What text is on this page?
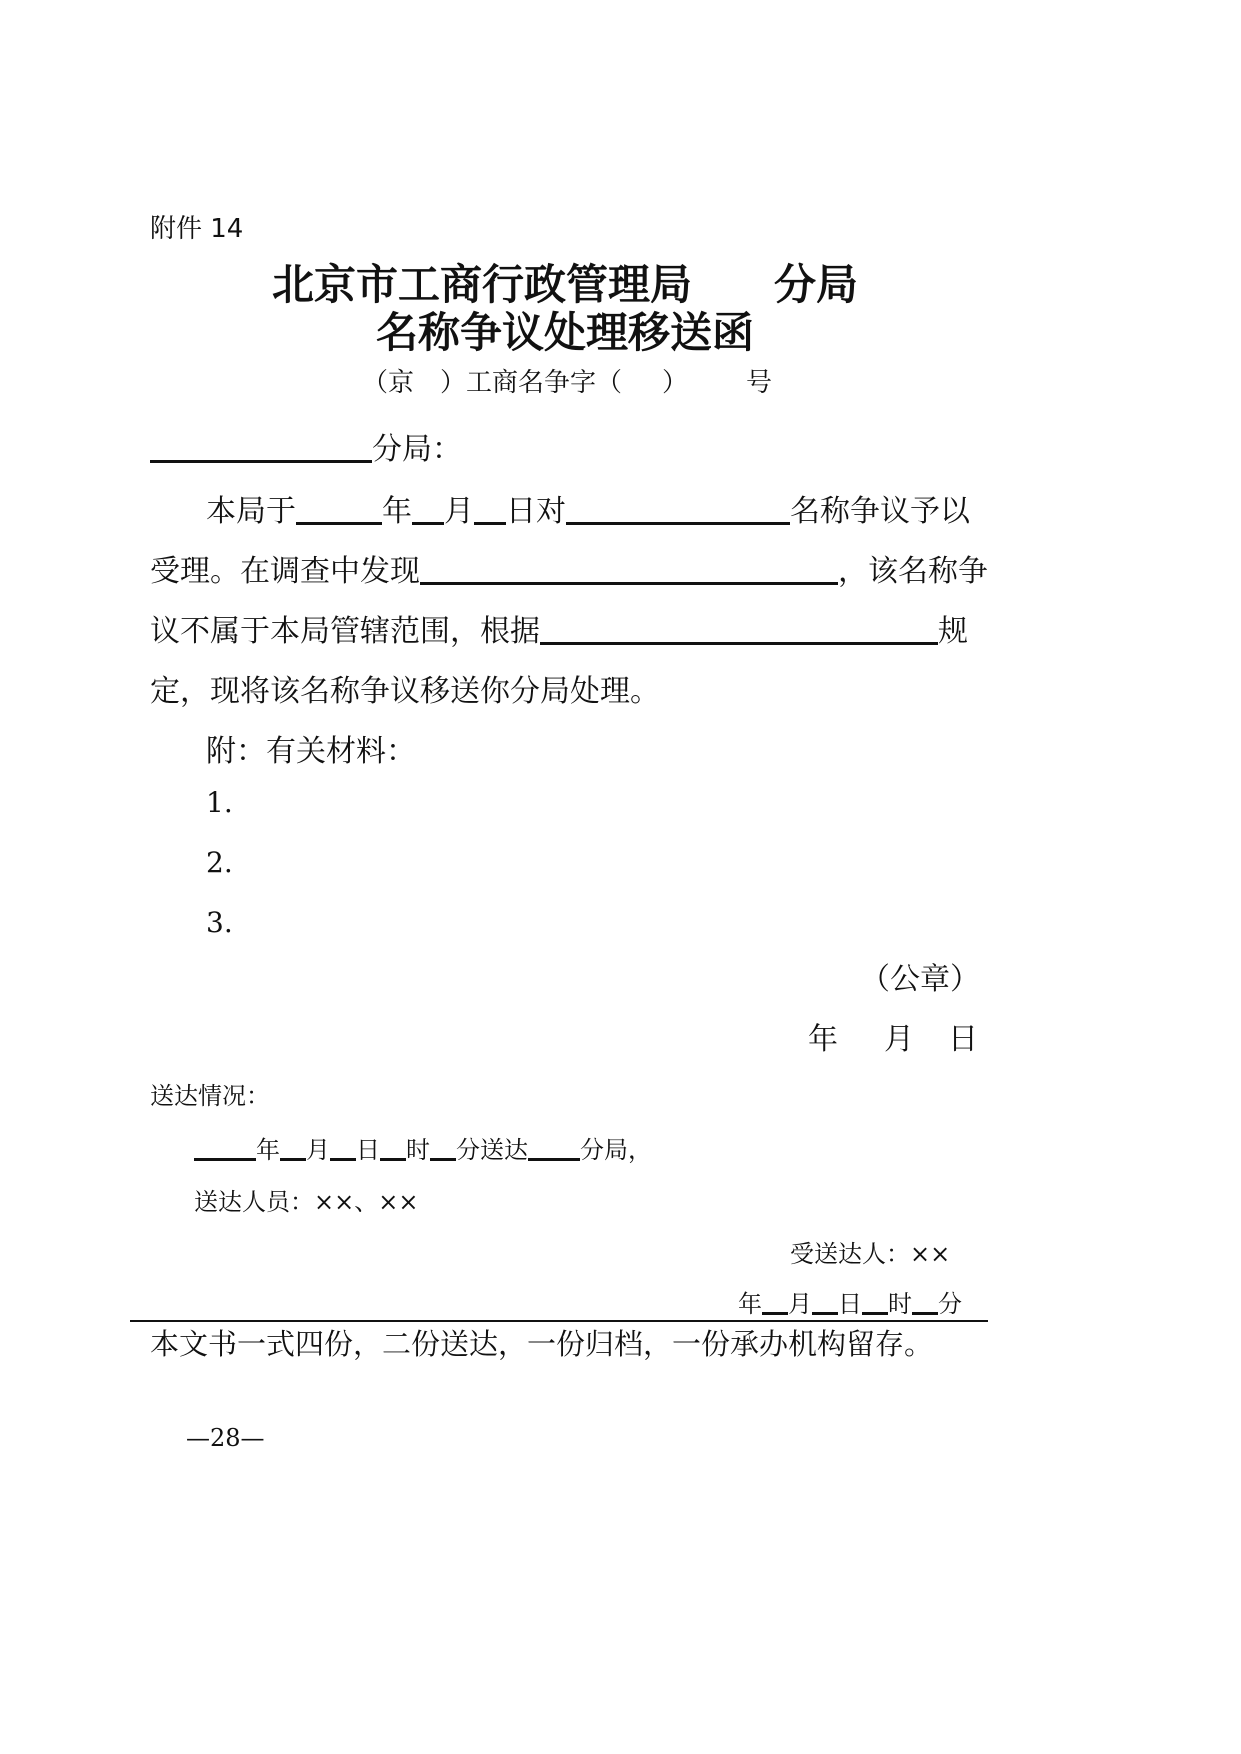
附件 14
北京市工商行政管理局 分局
名称争议处理移送函
（京 ）工商名争字（ ） 号
分局：
本局于	年 月 日对	名称争议予以
受理。在调查中发现	，该名称争
议不属于本局管辖范围，根据	规
定，现将该名称争议移送你分局处理。
附：有关材料：
1.
2.
3.
（公章）
年 月 日
送达情况：
年 月 日 时 分送达 分局，
送达人员：××、××
受送达人：××
年 月 日 时 分
本文书一式四份，二份送达，一份归档，一份承办机构留存。
—28—
